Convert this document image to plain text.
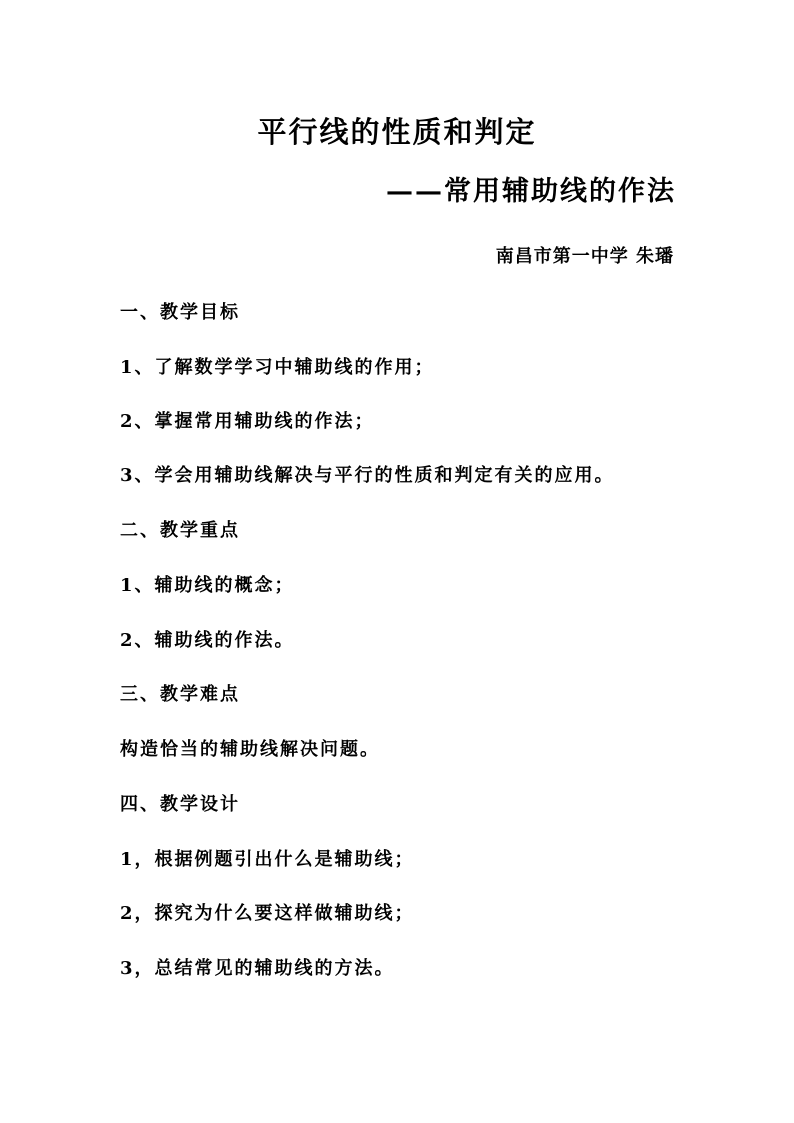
平行线的性质和判定
——常用辅助线的作法
南昌市第一中学 朱璠
一、教学目标
1、了解数学学习中辅助线的作用；
2、掌握常用辅助线的作法；
3、学会用辅助线解决与平行的性质和判定有关的应用。
二、教学重点
1、辅助线的概念；
2、辅助线的作法。
三、教学难点
构造恰当的辅助线解决问题。
四、教学设计
1，根据例题引出什么是辅助线；
2，探究为什么要这样做辅助线；
3，总结常见的辅助线的方法。
